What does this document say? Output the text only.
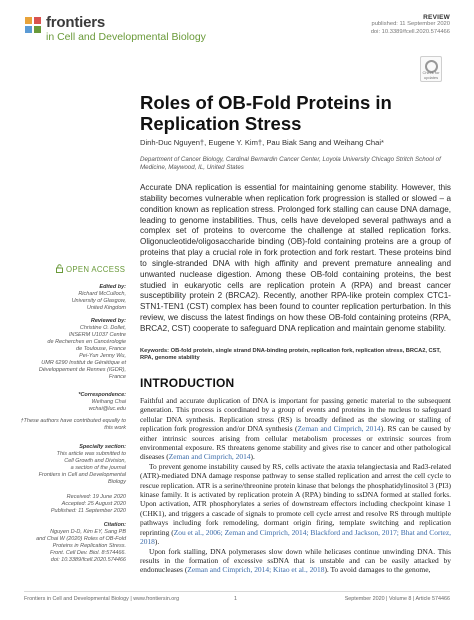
frontiers
in Cell and Developmental Biology
REVIEW
published: 11 September 2020
doi: 10.3389/fcell.2020.574466
Check for updates
Roles of OB-Fold Proteins in Replication Stress
Dinh-Duc Nguyen†, Eugene Y. Kim†, Pau Biak Sang and Weihang Chai*
Department of Cancer Biology, Cardinal Bernardin Cancer Center, Loyola University Chicago Stritch School of Medicine, Maywood, IL, United States
Accurate DNA replication is essential for maintaining genome stability. However, this stability becomes vulnerable when replication fork progression is stalled or slowed – a condition known as replication stress. Prolonged fork stalling can cause DNA damage, leading to genome instabilities. Thus, cells have developed several pathways and a complex set of proteins to overcome the challenge at stalled replication forks. Oligonucleotide/oligosaccharide binding (OB)-fold containing proteins are a group of proteins that play a crucial role in fork protection and fork restart. These proteins bind to single-stranded DNA with high affinity and prevent premature annealing and unwanted nuclease digestion. Among these OB-fold containing proteins, the best studied in eukaryotic cells are replication protein A (RPA) and breast cancer susceptibility protein 2 (BRCA2). Recently, another RPA-like protein complex CTC1-STN1-TEN1 (CST) complex has been found to counter replication perturbation. In this review, we discuss the latest findings on how these OB-fold containing proteins (RPA, BRCA2, CST) cooperate to safeguard DNA replication and maintain genome stability.
Keywords: OB-fold protein, single strand DNA-binding protein, replication fork, replication stress, BRCA2, CST, RPA, genome stability
OPEN ACCESS
Edited by:
Richard McCulloch,
University of Glasgow,
United Kingdom
Reviewed by:
Christine O. Dollet,
INSERM U1037 Centre
de Recherches en Cancérologie
de Toulouse, France
Pei-Yun Jenny Wu,
UMR 6290 Institut de Génétique et
Développement de Rennes (IGDR),
France
*Correspondence:
Weihang Chai
wchai@luc.edu
†These authors have contributed equally to this work
Specialty section:
This article was submitted to
Cell Growth and Division,
a section of the journal
Frontiers in Cell and Developmental
Biology
Received: 19 June 2020
Accepted: 25 August 2020
Published: 11 September 2020
Citation:
Nguyen D-D, Kim EY, Sang PB
and Chai W (2020) Roles of OB-Fold
Proteins in Replication Stress.
Front. Cell Dev. Biol. 8:574466.
doi: 10.3389/fcell.2020.574466
INTRODUCTION

Faithful and accurate duplication of DNA is important for passing genetic material to the subsequent generation. This process is coordinated by a group of events and proteins in the nucleus to safeguard cellular DNA synthesis. Replication stress (RS) is broadly defined as the slowing or stalling of replication fork progression and/or DNA synthesis (Zeman and Cimprich, 2014). RS can be caused by either intrinsic sources arising from cellular metabolism processes or extrinsic sources from environmental exposure. RS threatens genome stability and gives rise to cancer and other pathological diseases (Zeman and Cimprich, 2014).

To prevent genome instability caused by RS, cells activate the ataxia telangiectasia and Rad3-related (ATR)-mediated DNA damage response pathway to sense stalled replication and arrest the cell cycle to rescue replication. ATR is a serine/threonine protein kinase that belongs the phosphatidylinositol 3 (PI3) kinase family. It is activated by replication protein A (RPA) binding to ssDNA formed at stalled forks. Upon activation, ATR phosphorylates a series of downstream effectors including checkpoint kinase 1 (CHK1), and triggers a cascade of signals to promote cell cycle arrest and resolve RS through multiple pathways including fork remodeling, dormant origin firing, template switching and replication reprinting (Zou et al., 2006; Zeman and Cimprich, 2014; Blackford and Jackson, 2017; Bhat and Cortez, 2018).

Upon fork stalling, DNA polymerases slow down while helicases continue unwinding DNA. This results in the formation of excessive ssDNA that is unstable and can be easily attacked by endonucleases (Zeman and Cimprich, 2014; Kitao et al., 2018). To avoid damages to the genome,

Frontiers in Cell and Developmental Biology | www.frontiersin.org	1	September 2020 | Volume 8 | Article 574466
